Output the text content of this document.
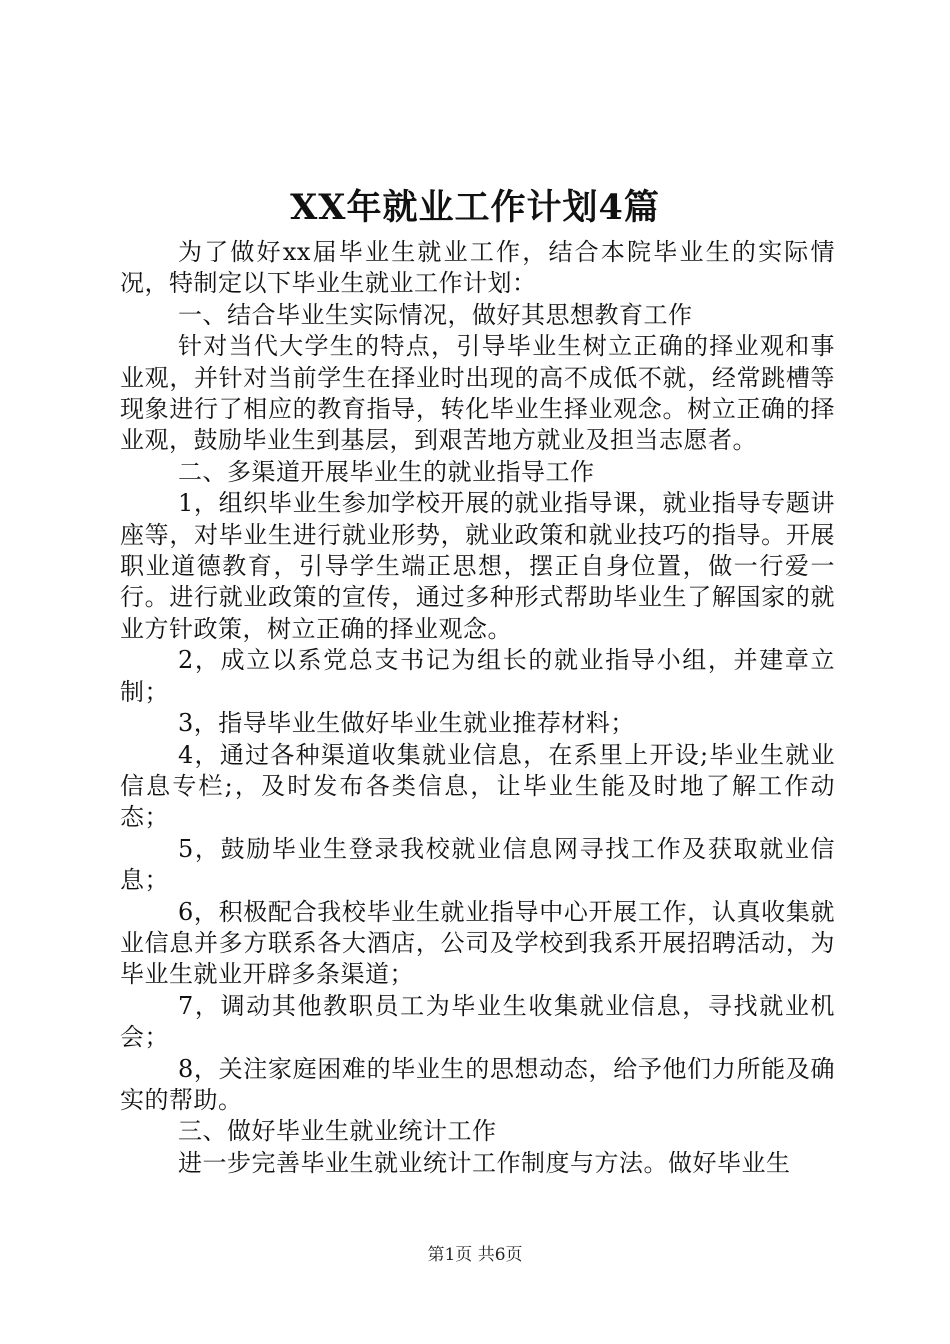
XX年就业工作计划4篇

为了做好xx届毕业生就业工作，结合本院毕业生的实际情况，特制定以下毕业生就业工作计划：

一、结合毕业生实际情况，做好其思想教育工作

针对当代大学生的特点，引导毕业生树立正确的择业观和事业观，并针对当前学生在择业时出现的高不成低不就，经常跳槽等现象进行了相应的教育指导，转化毕业生择业观念。树立正确的择业观，鼓励毕业生到基层，到艰苦地方就业及担当志愿者。

二、多渠道开展毕业生的就业指导工作

1，组织毕业生参加学校开展的就业指导课，就业指导专题讲座等，对毕业生进行就业形势，就业政策和就业技巧的指导。开展职业道德教育，引导学生端正思想，摆正自身位置，做一行爱一行。进行就业政策的宣传，通过多种形式帮助毕业生了解国家的就业方针政策，树立正确的择业观念。

2，成立以系党总支书记为组长的就业指导小组，并建章立制；

3，指导毕业生做好毕业生就业推荐材料；

4，通过各种渠道收集就业信息，在系里上开设;毕业生就业信息专栏;，及时发布各类信息，让毕业生能及时地了解工作动态；

5，鼓励毕业生登录我校就业信息网寻找工作及获取就业信息；

6，积极配合我校毕业生就业指导中心开展工作，认真收集就业信息并多方联系各大酒店，公司及学校到我系开展招聘活动，为毕业生就业开辟多条渠道；

7，调动其他教职员工为毕业生收集就业信息，寻找就业机会；

8，关注家庭困难的毕业生的思想动态，给予他们力所能及确实的帮助。

三、做好毕业生就业统计工作

进一步完善毕业生就业统计工作制度与方法。做好毕业生

第1页 共6页
